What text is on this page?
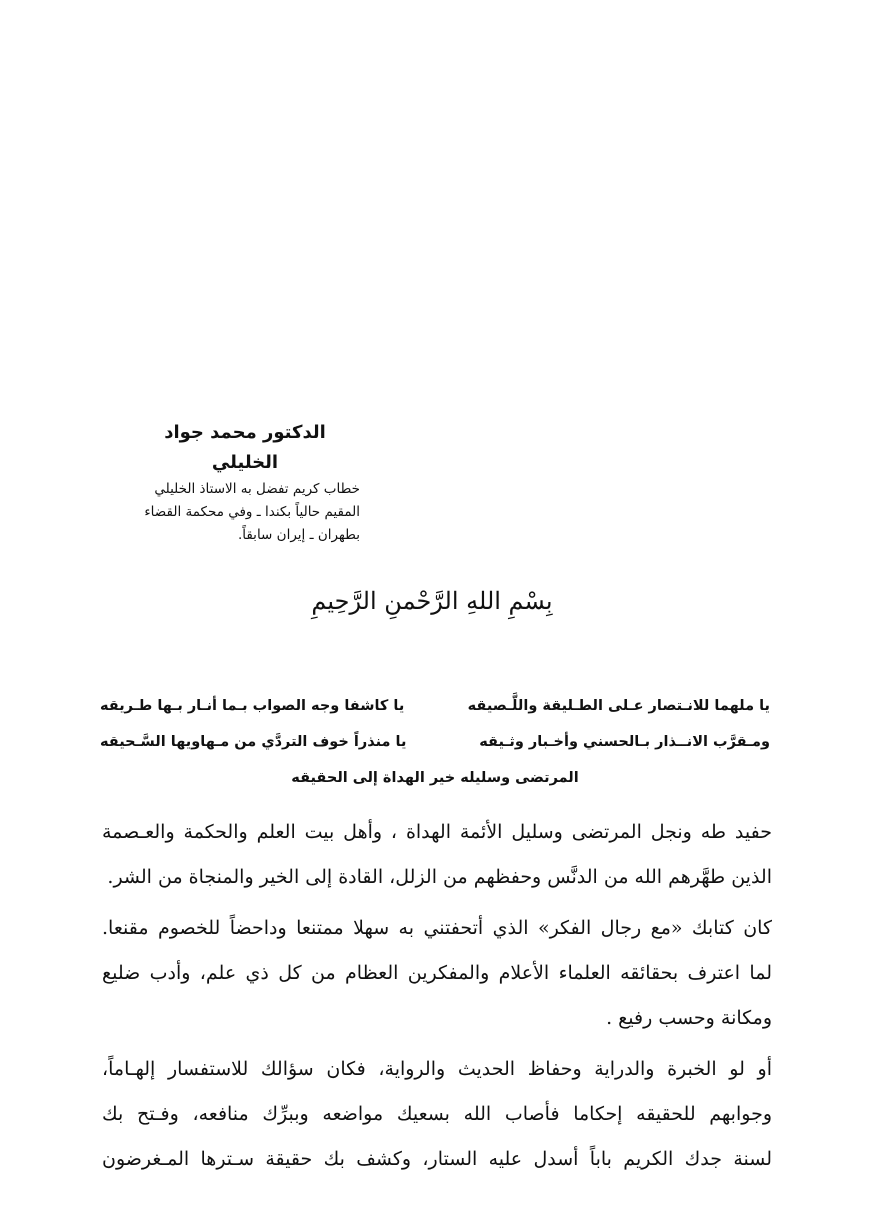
الدكتور محمد جواد الخليلي

خطاب كريم تفضل به الاستاذ الخليلي

المقيم حالياً بكندا ـ وفي محكمة القضاء

بطهران ـ إيران سابقاً.

بِسْمِ اللهِ الرَّحْمنِ الرَّحِيمِ
يا ملهما للانـتصار عـلى الطـليقة واللَّـصيقه
يا كاشفا وجه الصواب بـما أنـار بـها طـريقه
ومـقرَّب الانــذار بـالحسني وأخـبار وثـيقه
يا منذراً خوف التردَّي من مـهاويها السَّـحيقه
المرتضى وسليله خير الهداة إلى الحقيقه

حفيد طه ونجل المرتضى وسليل الأئمة الهداة ، وأهل بيت العلم والحكمة والعـصمة
الذين طهَّرهم الله من الدنَّس وحفظهم من الزلل، القادة إلى الخير والمنجاة من الشر.

كان كتابك «مع رجال الفكر» الذي أتحفتني به سهلا ممتنعا وداحضاً للخصوم مقنعا.
لما اعترف بحقائقه العلماء الأعلام والمفكرين العظام من كل ذي علم، وأدب ضليع
ومكانة وحسب رفيع .

أو لو الخبرة والدراية وحفاظ الحديث والرواية، فكان سؤالك للاستفسار إلهـاماً،
وجوابهم للحقيقه إحكاما فأصاب الله بسعيك مواضعه وببرِّك منافعه، وفـتح بك
لسنة جدك الكريم باباً أسدل عليه الستار، وكشف بك حقيقة سـترها المـغرضون
